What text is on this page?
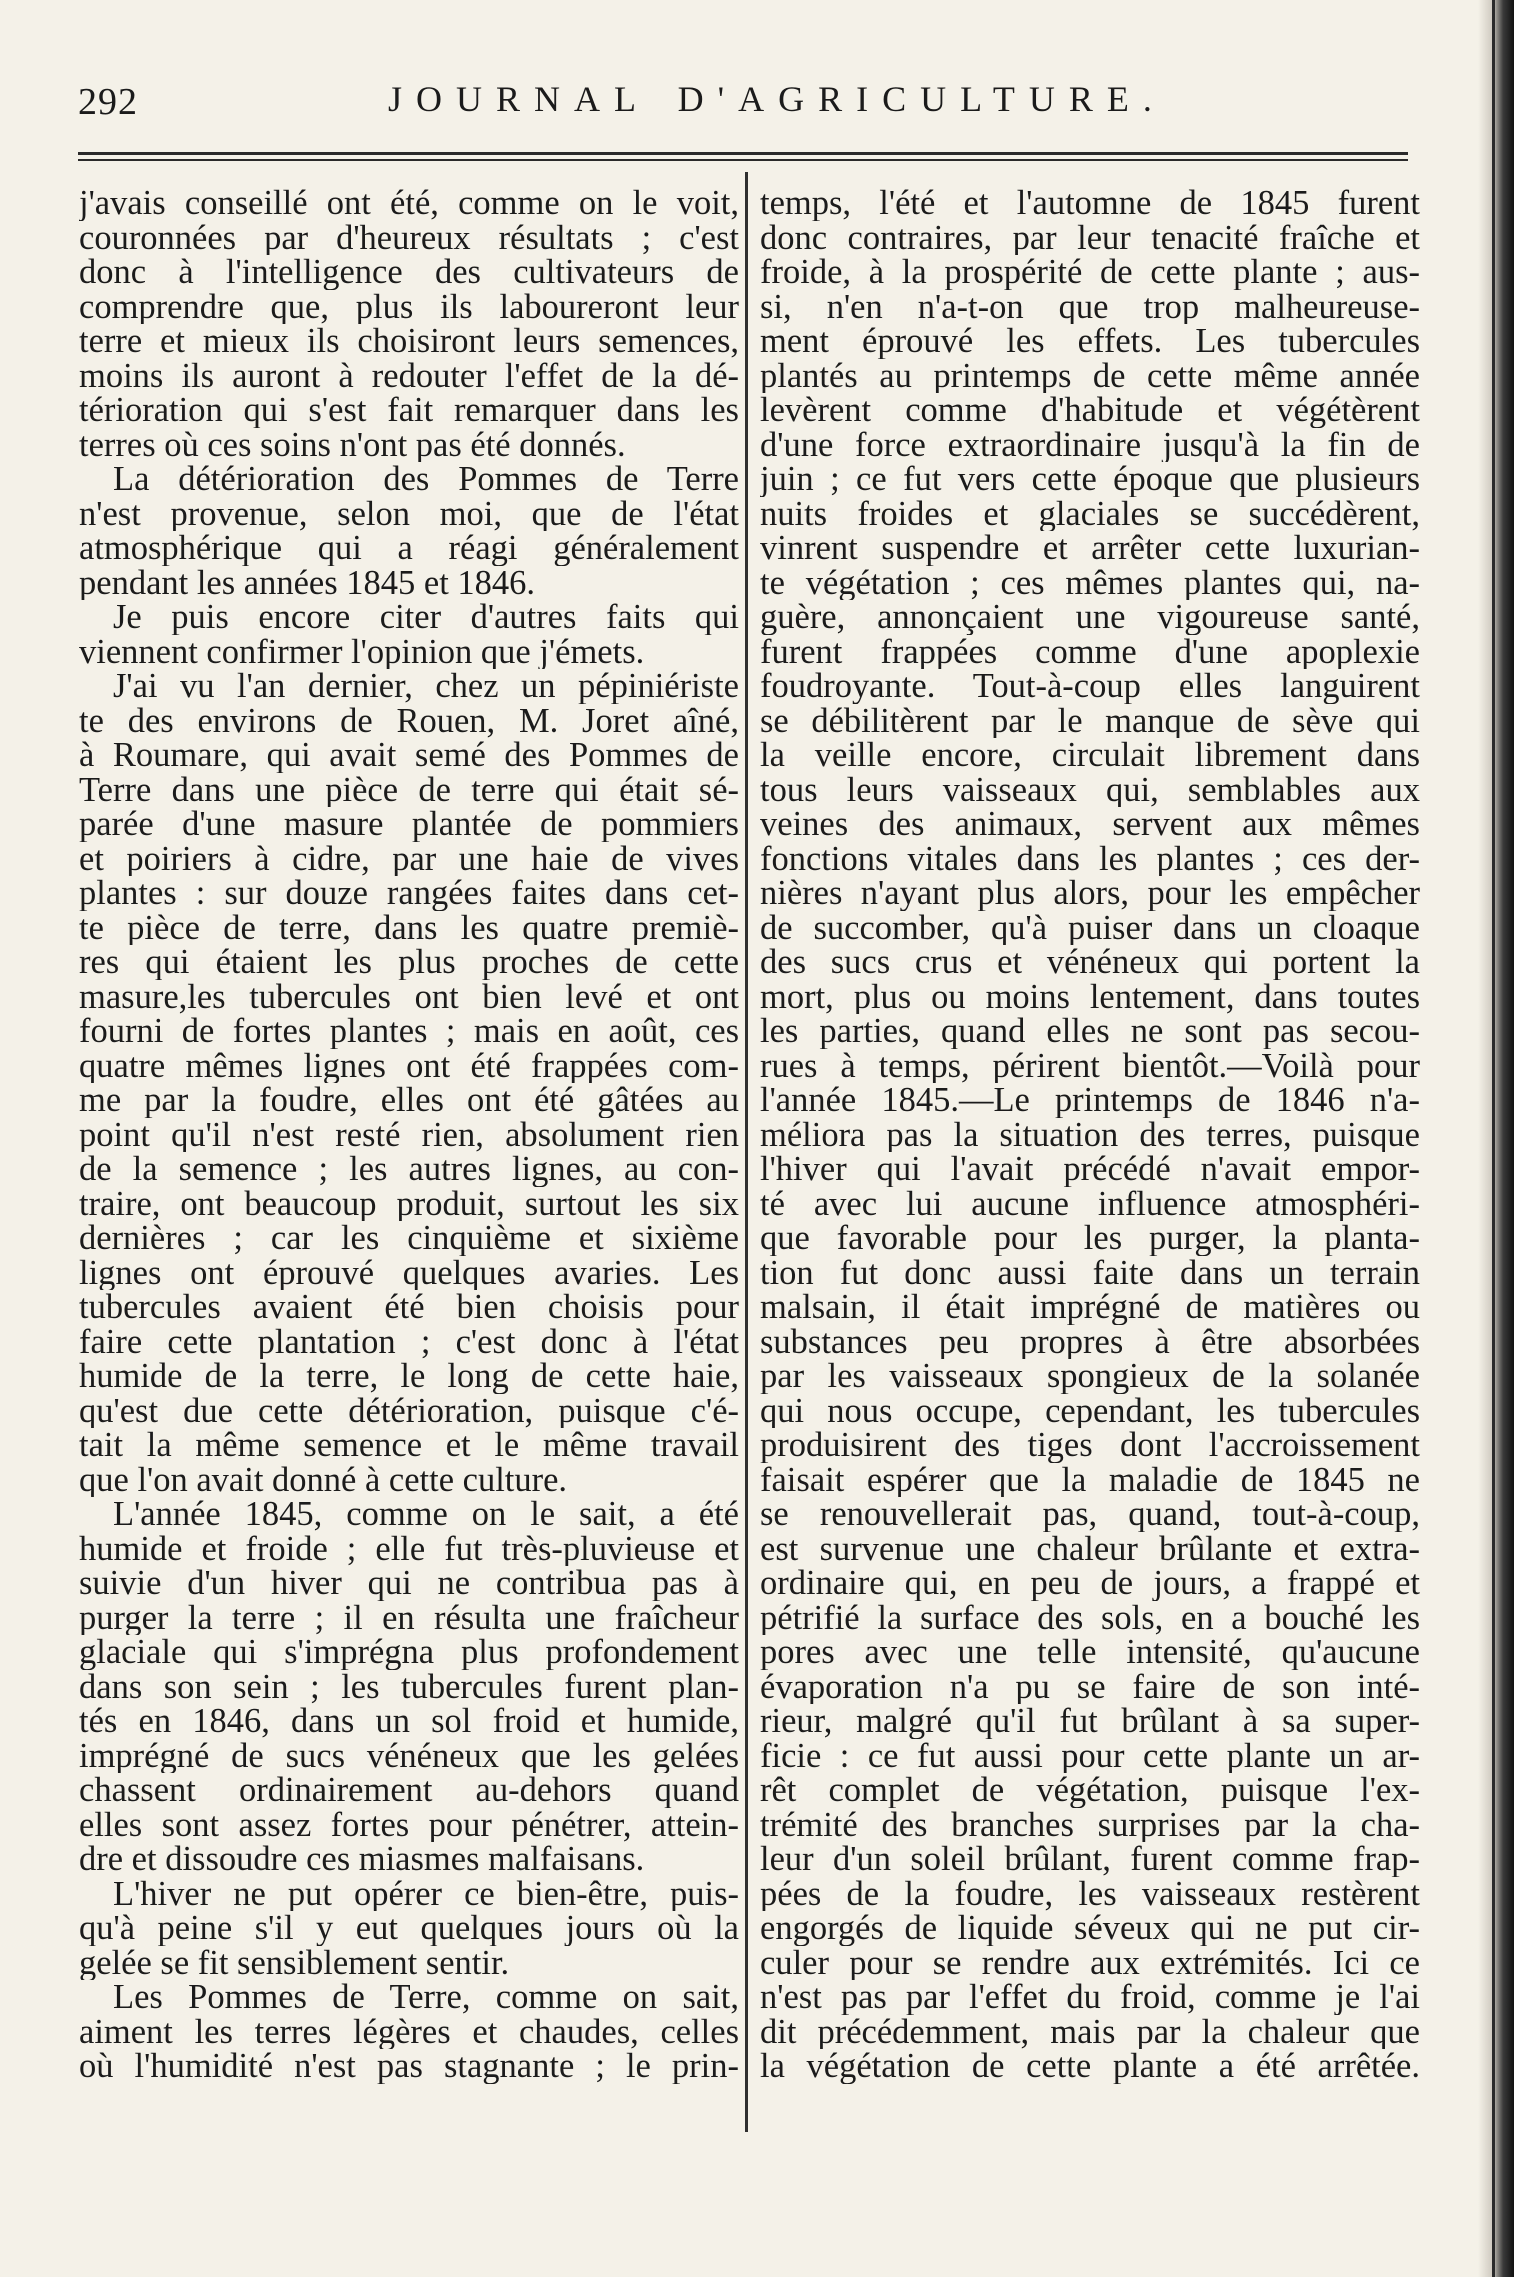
292	JOURNAL D'AGRICULTURE.
j'avais conseillé ont été, comme on le voit,
couronnées par d'heureux résultats ; c'est
donc à l'intelligence des cultivateurs de
comprendre que, plus ils laboureront leur
terre et mieux ils choisiront leurs semences,
moins ils auront à redouter l'effet de la dé-
térioration qui s'est fait remarquer dans les
terres où ces soins n'ont pas été donnés.
La détérioration des Pommes de Terre
n'est provenue, selon moi, que de l'état
atmosphérique qui a réagi généralement
pendant les années 1845 et 1846.
Je puis encore citer d'autres faits qui
viennent confirmer l'opinion que j'émets.
J'ai vu l'an dernier, chez un pépiniériste
te des environs de Rouen, M. Joret aîné,
à Roumare, qui avait semé des Pommes de
Terre dans une pièce de terre qui était sé-
parée d'une masure plantée de pommiers
et poiriers à cidre, par une haie de vives
plantes : sur douze rangées faites dans cet-
te pièce de terre, dans les quatre premiè-
res qui étaient les plus proches de cette
masure,les tubercules ont bien levé et ont
fourni de fortes plantes ; mais en août, ces
quatre mêmes lignes ont été frappées com-
me par la foudre, elles ont été gâtées au
point qu'il n'est resté rien, absolument rien
de la semence ; les autres lignes, au con-
traire, ont beaucoup produit, surtout les six
dernières ; car les cinquième et sixième
lignes ont éprouvé quelques avaries. Les
tubercules avaient été bien choisis pour
faire cette plantation ; c'est donc à l'état
humide de la terre, le long de cette haie,
qu'est due cette détérioration, puisque c'é-
tait la même semence et le même travail
que l'on avait donné à cette culture.
L'année 1845, comme on le sait, a été
humide et froide ; elle fut très-pluvieuse et
suivie d'un hiver qui ne contribua pas à
purger la terre ; il en résulta une fraîcheur
glaciale qui s'imprégna plus profondement
dans son sein ; les tubercules furent plan-
tés en 1846, dans un sol froid et humide,
imprégné de sucs vénéneux que les gelées
chassent ordinairement au-dehors quand
elles sont assez fortes pour pénétrer, attein-
dre et dissoudre ces miasmes malfaisans.
L'hiver ne put opérer ce bien-être, puis-
qu'à peine s'il y eut quelques jours où la
gelée se fit sensiblement sentir.
Les Pommes de Terre, comme on sait,
aiment les terres légères et chaudes, celles
où l'humidité n'est pas stagnante ; le prin-
temps, l'été et l'automne de 1845 furent
donc contraires, par leur tenacité fraîche et
froide, à la prospérité de cette plante ; aus-
si, n'en n'a-t-on que trop malheureuse-
ment éprouvé les effets. Les tubercules
plantés au printemps de cette même année
levèrent comme d'habitude et végétèrent
d'une force extraordinaire jusqu'à la fin de
juin ; ce fut vers cette époque que plusieurs
nuits froides et glaciales se succédèrent,
vinrent suspendre et arrêter cette luxurian-
te végétation ; ces mêmes plantes qui, na-
guère, annonçaient une vigoureuse santé,
furent frappées comme d'une apoplexie
foudroyante. Tout-à-coup elles languirent
se débilitèrent par le manque de sève qui
la veille encore, circulait librement dans
tous leurs vaisseaux qui, semblables aux
veines des animaux, servent aux mêmes
fonctions vitales dans les plantes ; ces der-
nières n'ayant plus alors, pour les empêcher
de succomber, qu'à puiser dans un cloaque
des sucs crus et vénéneux qui portent la
mort, plus ou moins lentement, dans toutes
les parties, quand elles ne sont pas secou-
rues à temps, périrent bientôt.—Voilà pour
l'année 1845.—Le printemps de 1846 n'a-
méliora pas la situation des terres, puisque
l'hiver qui l'avait précédé n'avait empor-
té avec lui aucune influence atmosphéri-
que favorable pour les purger, la planta-
tion fut donc aussi faite dans un terrain
malsain, il était imprégné de matières ou
substances peu propres à être absorbées
par les vaisseaux spongieux de la solanée
qui nous occupe, cependant, les tubercules
produisirent des tiges dont l'accroissement
faisait espérer que la maladie de 1845 ne
se renouvellerait pas, quand, tout-à-coup,
est survenue une chaleur brûlante et extra-
ordinaire qui, en peu de jours, a frappé et
pétrifié la surface des sols, en a bouché les
pores avec une telle intensité, qu'aucune
évaporation n'a pu se faire de son inté-
rieur, malgré qu'il fut brûlant à sa super-
ficie : ce fut aussi pour cette plante un ar-
rêt complet de végétation, puisque l'ex-
trémité des branches surprises par la cha-
leur d'un soleil brûlant, furent comme frap-
pées de la foudre, les vaisseaux restèrent
engorgés de liquide séveux qui ne put cir-
culer pour se rendre aux extrémités. Ici ce
n'est pas par l'effet du froid, comme je l'ai
dit précédemment, mais par la chaleur que
la végétation de cette plante a été arrêtée.
